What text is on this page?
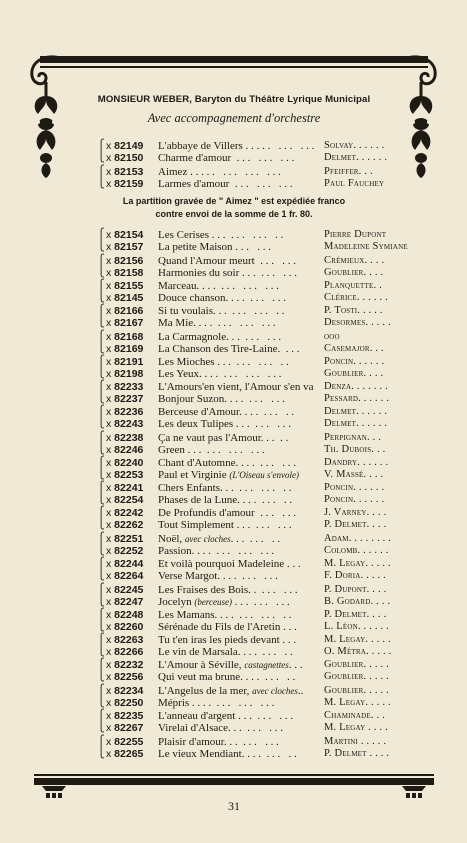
MONSIEUR WEBER, Baryton du Théâtre Lyrique Municipal
Avec accompagnement d'orchestre
⎧ x 82149 L'abbaye de Villers . . . . .   . . .   . . . Solvay. . . . . .
⎩ x 82150 Charme d'amour  . . .   . . .   . . .	Delmet. . . . . .
⎧ x 82153 Aimez . . . . .   . . .   . . .   . . .	Pfeiffer. . .
⎩ x 82159 Larmes d'amour  . . .   . . .   . . .	Paul Fauchey
⎧ x 82154 Les Cerises . . .  . . .   . . .   . .	Pierre Dupont
⎩ x 82157 La petite Maison . . .   . . .	Madeleine Symiane
⎧ x 82156 Quand l'Amour meurt  . . .   . . .	Crémieux. . . .
⎩ x 82158 Harmonies du soir . . .  . . .   . . .	Goublier. . . .
⎧ x 82155 Marceau. . . .  . . .   . . .   . . .	Planquette. .
⎩ x 82145 Douce chanson. . . .  . . .   . . .	Clérice. . . . . .
⎧ x 82166 Si tu voulais. . .  . . .   . . .   . .	P. Tosti. . . . .
⎩ x 82167 Ma Mie. . . .  . . .   . . .   . . .	Desormes. . . . .
⎧ x 82168 La Carmagnole. . .  . . .   . . .	ooo
⎩ x 82169 La Chanson des Tire-Laine.  . . .	Casemajor. . .
⎧ x 82191 Les Mioches . . .  . . .   . . .   . .	Poncin. . . . . .
⎩ x 82198 Les Yeux. . . .  . . .   . . .   . . .	Goublier. . . .
⎧ x 82233 L'Amours'en vient, l'Amour s'en va	Denza. . . . . . .
⎩ x 82237 Bonjour Suzon. . . .  . . .   . . .	Pessard. . . . . .
⎧ x 82236 Berceuse d'Amour. . . .  . . .   . .	Delmet. . . . . .
⎩ x 82243 Les deux Tulipes . . .  . . .   . . .	Delmet. . . . . .
⎧ x 82238 Ça ne vaut pas l'Amour. . .  . .	Perpignan. . .
⎩ x 82246 Green . . .  . . .   . . .   . . .	Th. Dubois. . .
⎧ x 82240 Chant d'Automne. . . .  . . .   . . .	Dandry. . . . . .
⎩ x 82253 Paul et Virginie (L'Oiseau s'envole)	V. Massé. . . .
⎧ x 82241 Chers Enfants. . .  . . .   . . .   . .	Poncin. . . . . .
⎩ x 82254 Phases de la Lune. . . .  . . .   . .	Poncin. . . . . .
⎧ x 82242 De Profundis d'amour  . . .   . . .	J. Varney. . . .
⎩ x 82262 Tout Simplement . . .  . . .   . . .	P. Delmet. . . .
⎧ x 82251 Noël, avec cloches. . .  . . .   . .	Adam. . . . . . . .
⎩ x 82252 Passion. . . .  . . .   . . .   . . .	Colomb. . . . . .
⎧ x 82244 Et voilà pourquoi Madeleine . . .	M. Legay. . . . .
⎩ x 82264 Verse Margot. . . .  . . .   . . .	F. Doria. . . . .
⎧ x 82245 Les Fraises des Bois. .  . . .   . . .	P. Dupont. . . .
⎩ x 82247 Jocelyn (berceuse) . . .  . . .   . . .	B. Godard. . . .
⎧ x 82248 Les Mamans. . . .  . . .   . . .   . .	P. Delmet. . . .
⎩ x 82260 Sérénade du Fils de l'Aretin . . .	L. Léon. . . . . .
⎧ x 82263 Tu t'en iras les pieds devant . . .	M. Legay. . . . .
⎩ x 82266 Le vin de Marsala. . . .  . . .   . .	O. Métra. . . . .
⎧ x 82232 L'Amour à Séville, castagnettes. . .	Goublier. . . . .
⎩ x 82256 Qui veut ma brune. . . .  . . .   . .	Goublier. . . . .
⎧ x 82234 L'Angelus de la mer, avec cloches..	Goublier. . . . .
⎩ x 82250 Mépris . . . .  . . .   . . .   . . .	M. Legay. . . . .
⎧ x 82235 L'anneau d'argent . . .  . . .   . . .	Chaminade. . .
⎩ x 82267 Virelai d'Alsace. . .  . . .   . . .	M. Legay . . . .
⎧ x 82255 Plaisir d'amour. . .  . . .   . . .	Martini . . . . .
⎩ x 82265 Le vieux Mendiant. . . .  . . .   . .	P. Delmet . . . .
La partition gravée de " Aimez " est expédiée franco
contre envoi de la somme de 1 fr. 80.
31
